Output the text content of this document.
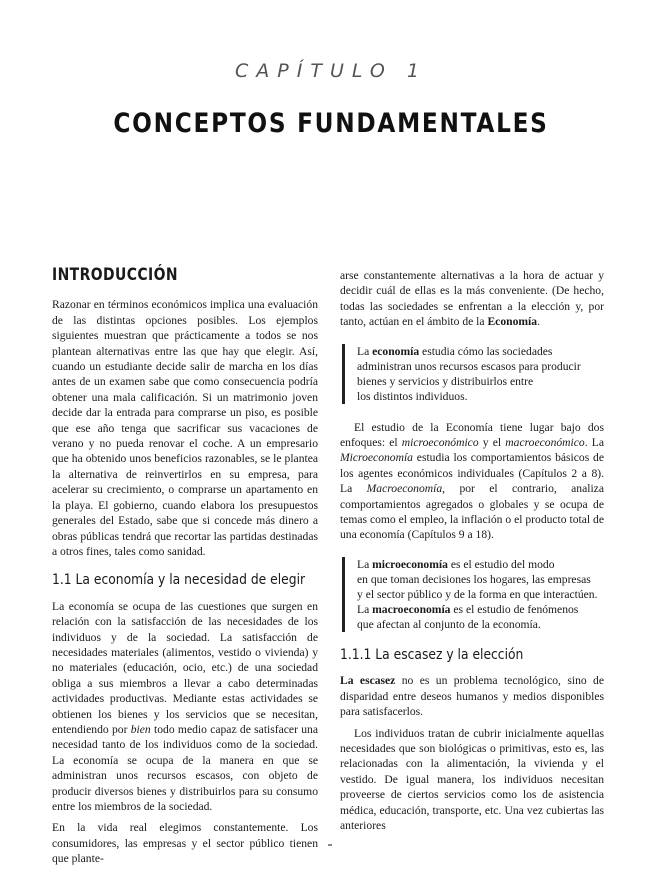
CAPÍTULO 1
CONCEPTOS FUNDAMENTALES
INTRODUCCIÓN

Razonar en términos económicos implica una evaluación de las distintas opciones posibles. Los ejemplos siguientes muestran que prácticamente a todos se nos plantean alternativas entre las que hay que elegir. Así, cuando un estudiante decide salir de marcha en los días antes de un examen sabe que como consecuencia podría obtener una mala calificación. Si un matrimonio joven decide dar la entrada para comprarse un piso, es posible que ese año tenga que sacrificar sus vacaciones de verano y no pueda renovar el coche. A un empresario que ha obtenido unos beneficios razonables, se le plantea la alternativa de reinvertirlos en su empresa, para acelerar su crecimiento, o comprarse un apartamento en la playa. El gobierno, cuando elabora los presupuestos generales del Estado, sabe que si concede más dinero a obras públicas tendrá que recortar las partidas destinadas a otros fines, tales como sanidad.

1.1 La economía y la necesidad de elegir

La economía se ocupa de las cuestiones que surgen en relación con la satisfacción de las necesidades de los individuos y de la sociedad. La satisfacción de necesidades materiales (alimentos, vestido o vivienda) y no materiales (educación, ocio, etc.) de una sociedad obliga a sus miembros a llevar a cabo determinadas actividades productivas. Mediante estas actividades se obtienen los bienes y los servicios que se necesitan, entendiendo por bien todo medio capaz de satisfacer una necesidad tanto de los individuos como de la sociedad. La economía se ocupa de la manera en que se administran unos recursos escasos, con objeto de producir diversos bienes y distribuirlos para su consumo entre los miembros de la sociedad.

En la vida real elegimos constantemente. Los consumidores, las empresas y el sector público tienen que plante-

arse constantemente alternativas a la hora de actuar y decidir cuál de ellas es la más conveniente. (De hecho, todas las sociedades se enfrentan a la elección y, por tanto, actúan en el ámbito de la Economía.

La economía estudia cómo las sociedades
administran unos recursos escasos para producir
bienes y servicios y distribuirlos entre
los distintos individuos.

El estudio de la Economía tiene lugar bajo dos enfoques: el microeconómico y el macroeconómico. La Microeconomía estudia los comportamientos básicos de los agentes económicos individuales (Capítulos 2 a 8). La Macroeconomía, por el contrario, analiza comportamientos agregados o globales y se ocupa de temas como el empleo, la inflación o el producto total de una economía (Capítulos 9 a 18).

La microeconomía es el estudio del modo
en que toman decisiones los hogares, las empresas
y el sector público y de la forma en que interactúen.
La macroeconomía es el estudio de fenómenos
que afectan al conjunto de la economía.
1.1.1 La escasez y la elección

La escasez no es un problema tecnológico, sino de disparidad entre deseos humanos y medios disponibles para satisfacerlos.

Los individuos tratan de cubrir inicialmente aquellas necesidades que son biológicas o primitivas, esto es, las relacionadas con la alimentación, la vivienda y el vestido. De igual manera, los individuos necesitan proveerse de ciertos servicios como los de asistencia médica, educación, transporte, etc. Una vez cubiertas las anteriores
